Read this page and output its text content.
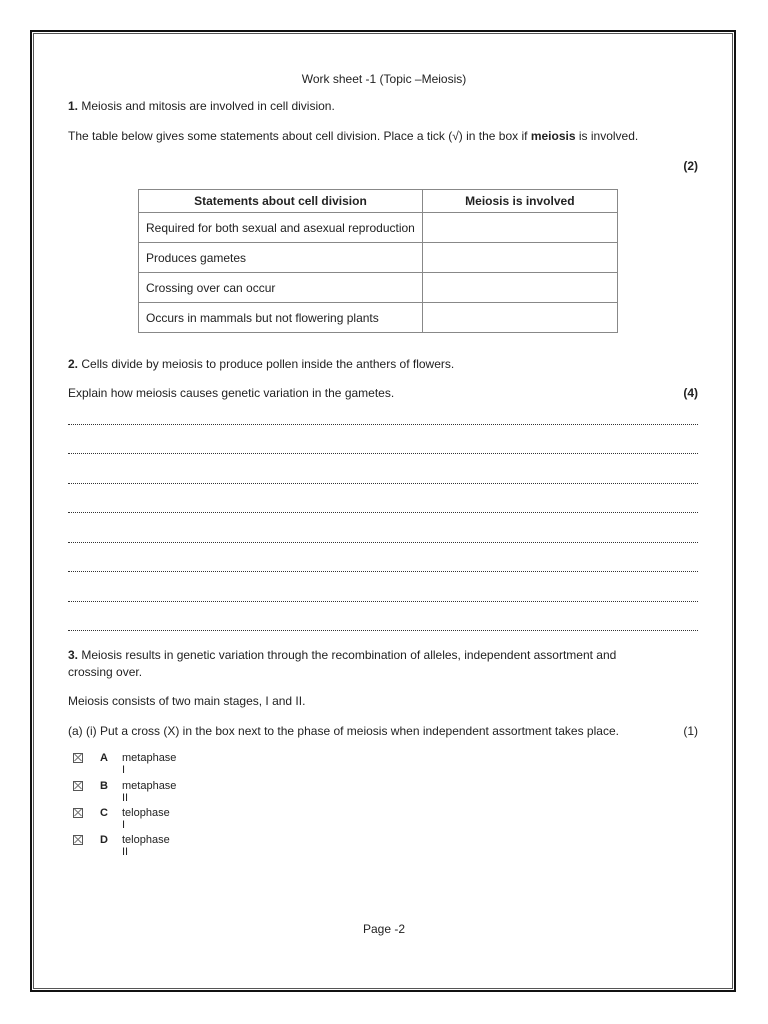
Work sheet -1 (Topic –Meiosis)
1. Meiosis and mitosis are involved in cell division.
The table below gives some statements about cell division. Place a tick (√) in the box if meiosis is involved.
(2)
Statements about cell division	Meiosis is involved
Required for both sexual and asexual reproduction	
Produces gametes	
Crossing over can occur	
Occurs in mammals but not flowering plants	
2. Cells divide by meiosis to produce pollen inside the anthers of flowers.
Explain how meiosis causes genetic variation in the gametes.	(4)
3. Meiosis results in genetic variation through the recombination of alleles, independent assortment and
crossing over.
Meiosis consists of two main stages, I and II.
(a) (i) Put a cross (X) in the box next to the phase of meiosis when independent assortment takes place.	(1)
A metaphase I
B metaphase II
C telophase I
D telophase II
Page -2
